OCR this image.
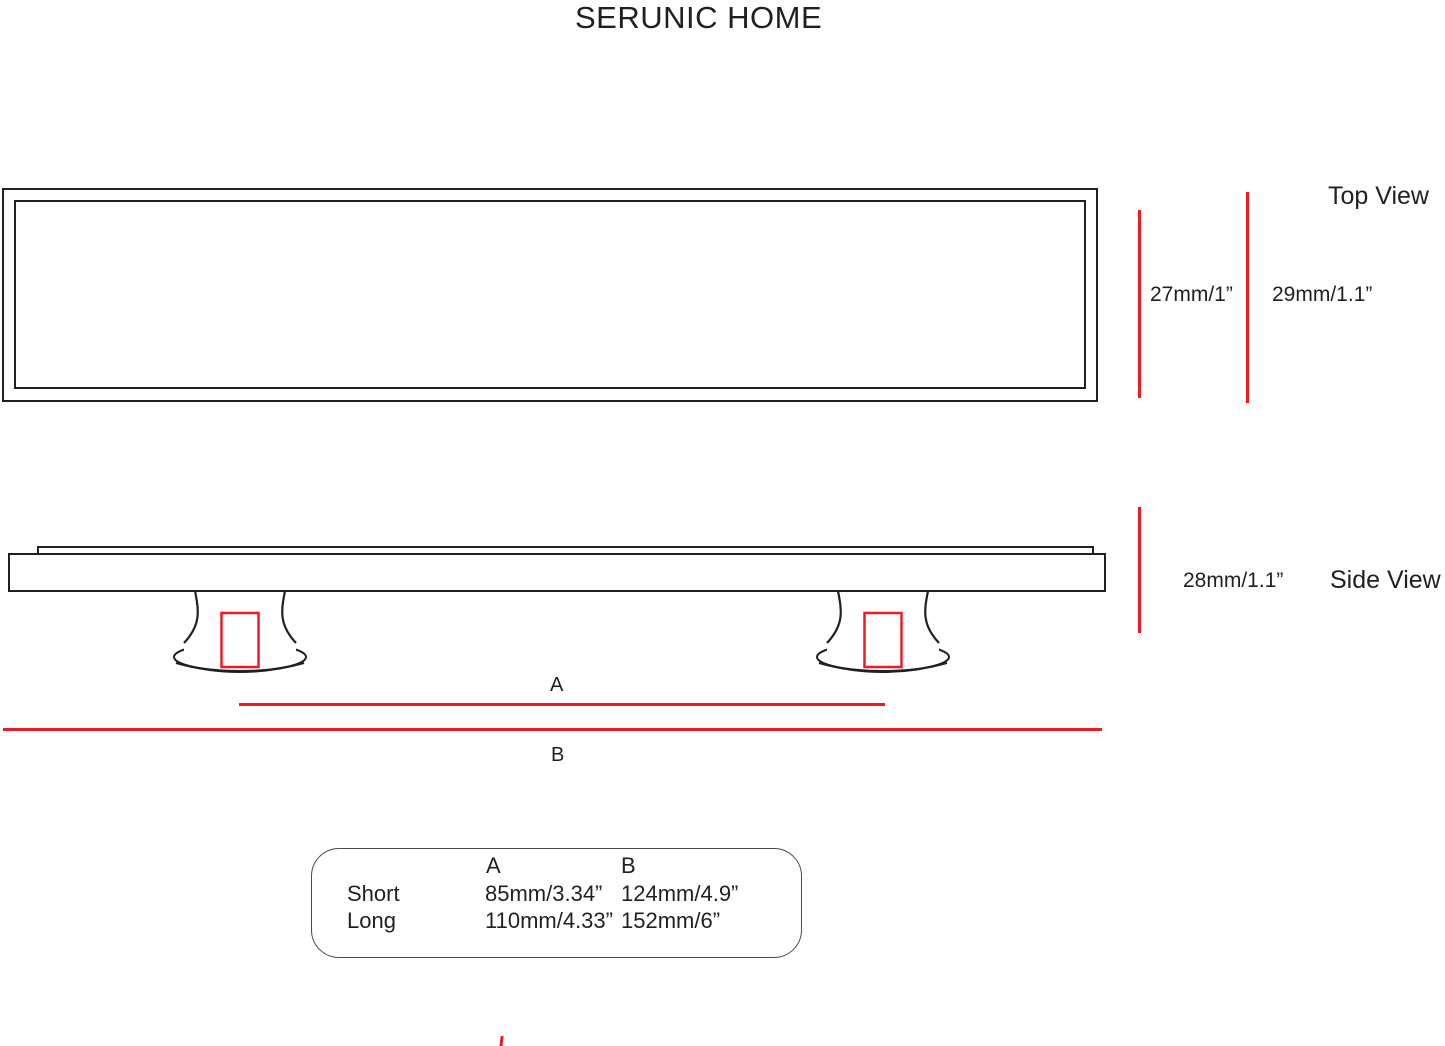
SERUNIC HOME
Top View
27mm/1” 29mm/1.1”
28mm/1.1” Side View
A
B
A	B
Short	85mm/3.34” 124mm/4.9”
Long	110mm/4.33” 152mm/6”
